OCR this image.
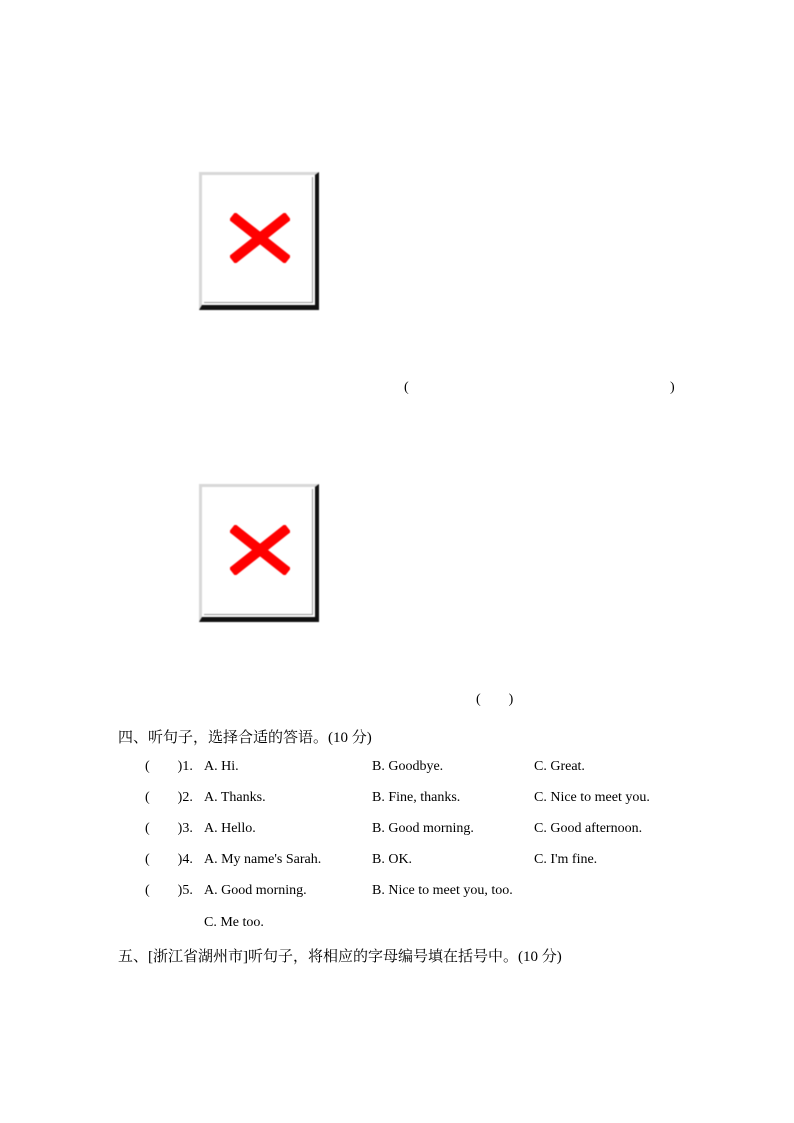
(	)
(        )
四、听句子，选择合适的答语。(10 分)
(        )1. A. Hi.	B. Goodbye.	C. Great.
(        )2. A. Thanks.	B. Fine, thanks.	C. Nice to meet you.
(        )3. A. Hello.	B. Good morning.	C. Good afternoon.
(        )4. A. My name's Sarah.	B. OK.	C. I'm fine.
(        )5. A. Good morning.	B. Nice to meet you, too.
C. Me too.
五、[浙江省湖州市]听句子，将相应的字母编号填在括号中。(10 分)
